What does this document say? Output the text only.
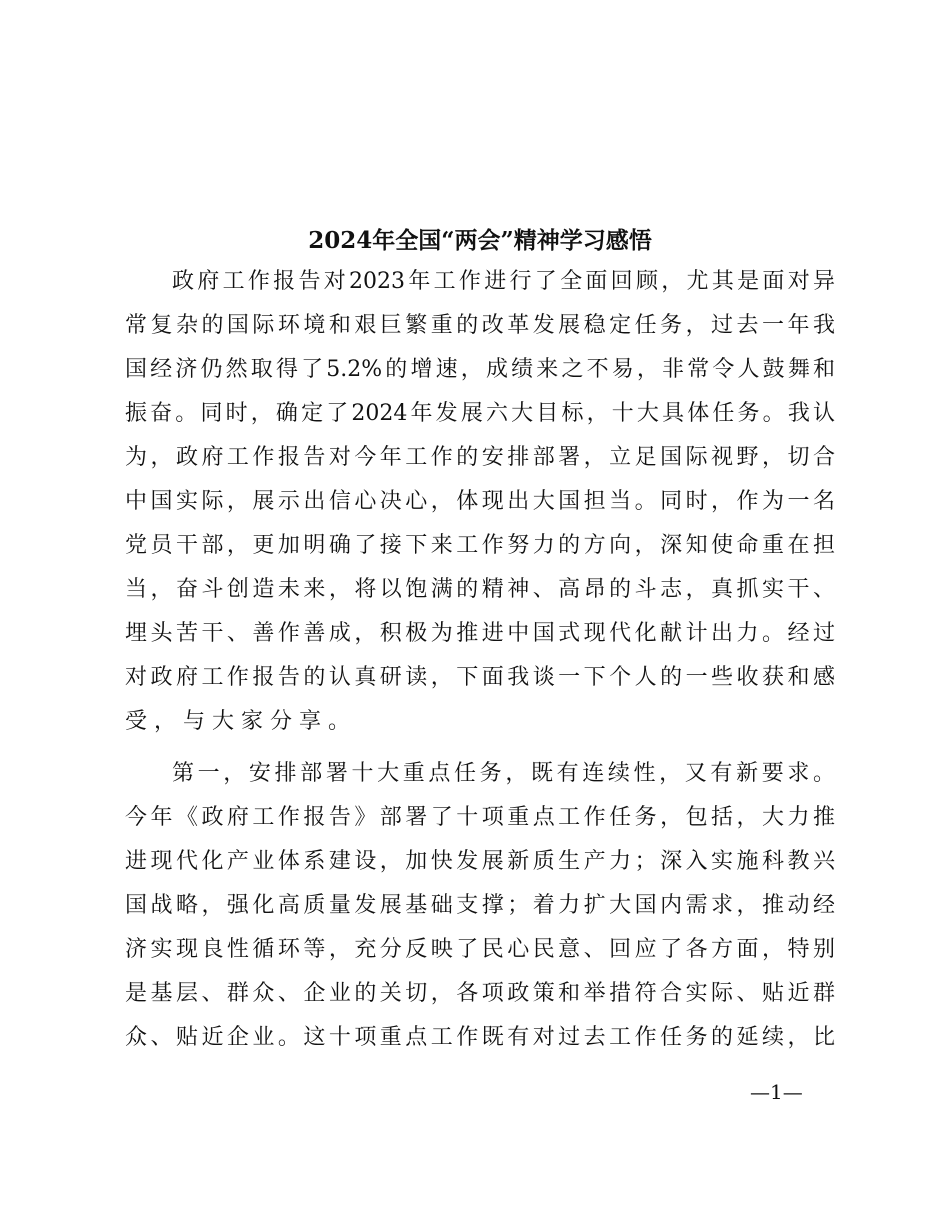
2024年全国“两会”精神学习感悟
政府工作报告对2023年工作进行了全面回顾，尤其是面对异
常复杂的国际环境和艰巨繁重的改革发展稳定任务，过去一年我
国经济仍然取得了5.2%的增速，成绩来之不易，非常令人鼓舞和
振奋。同时，确定了2024年发展六大目标，十大具体任务。我认
为，政府工作报告对今年工作的安排部署，立足国际视野，切合
中国实际，展示出信心决心，体现出大国担当。同时，作为一名
党员干部，更加明确了接下来工作努力的方向，深知使命重在担
当，奋斗创造未来，将以饱满的精神、高昂的斗志，真抓实干、
埋头苦干、善作善成，积极为推进中国式现代化献计出力。经过
对政府工作报告的认真研读，下面我谈一下个人的一些收获和感
受，与大家分享。
第一，安排部署十大重点任务，既有连续性，又有新要求。
今年《政府工作报告》部署了十项重点工作任务，包括，大力推
进现代化产业体系建设，加快发展新质生产力；深入实施科教兴
国战略，强化高质量发展基础支撑；着力扩大国内需求，推动经
济实现良性循环等，充分反映了民心民意、回应了各方面，特别
是基层、群众、企业的关切，各项政策和举措符合实际、贴近群
众、贴近企业。这十项重点工作既有对过去工作任务的延续，比
—1—
